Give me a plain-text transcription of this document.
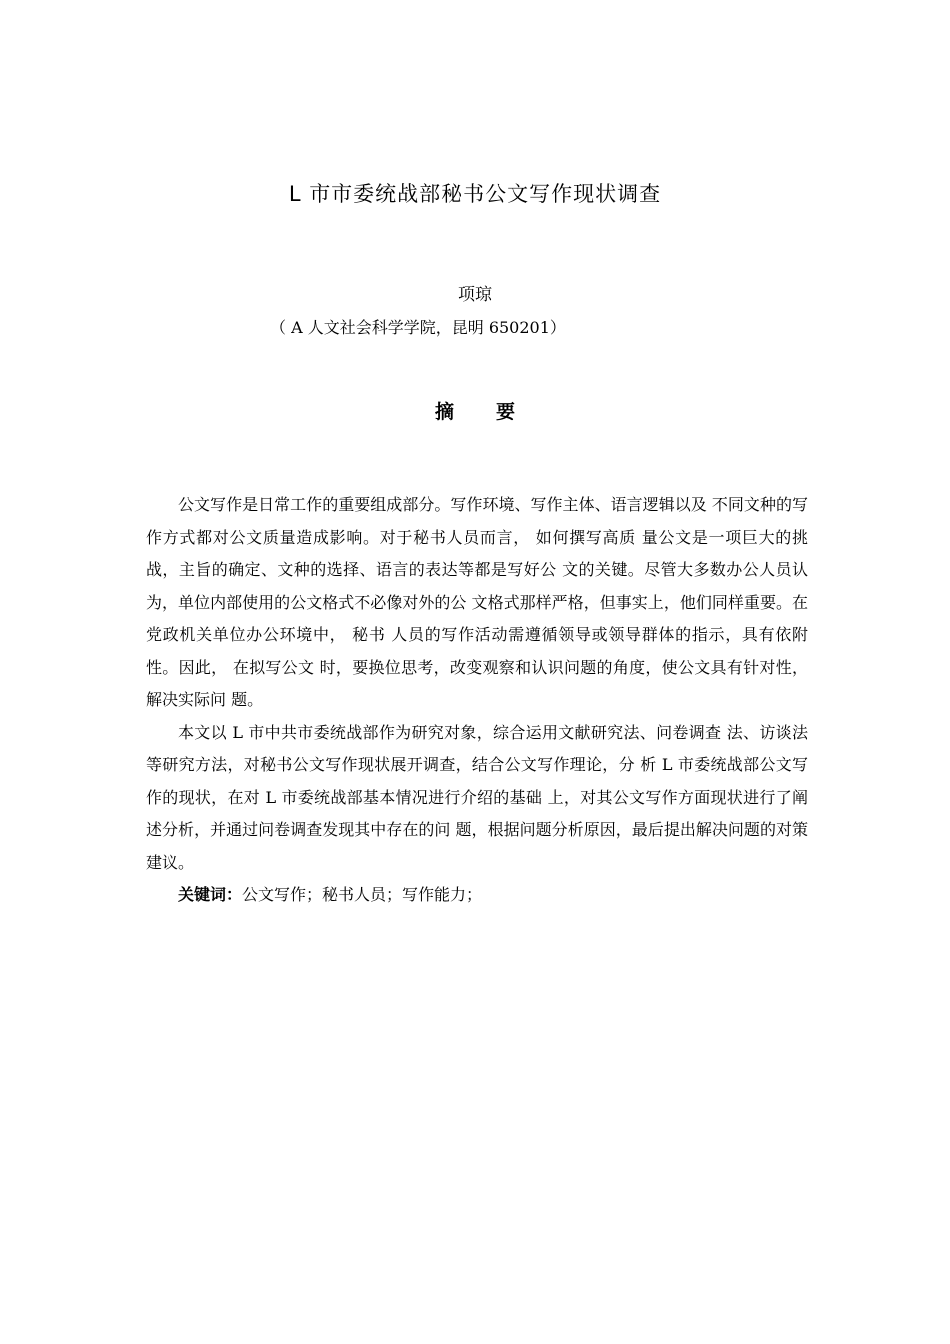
L 市市委统战部秘书公文写作现状调查
项琼
（ A 人文社会科学学院，昆明 650201）
摘要

公文写作是日常工作的重要组成部分。写作环境、写作主体、语言逻辑以及 不同文种的写作方式都对公文质量造成影响。对于秘书人员而言， 如何撰写高质 量公文是一项巨大的挑战，主旨的确定、文种的选择、语言的表达等都是写好公 文的关键。尽管大多数办公人员认为，单位内部使用的公文格式不必像对外的公 文格式那样严格，但事实上，他们同样重要。在党政机关单位办公环境中， 秘书 人员的写作活动需遵循领导或领导群体的指示，具有依附性。因此， 在拟写公文 时，要换位思考，改变观察和认识问题的角度，使公文具有针对性，解决实际问 题。

本文以 L 市中共市委统战部作为研究对象，综合运用文献研究法、问卷调查 法、访谈法等研究方法，对秘书公文写作现状展开调查，结合公文写作理论，分 析 L 市委统战部公文写作的现状，在对 L 市委统战部基本情况进行介绍的基础 上，对其公文写作方面现状进行了阐述分析，并通过问卷调查发现其中存在的问 题，根据问题分析原因，最后提出解决问题的对策建议。

关键词：公文写作；秘书人员；写作能力；
